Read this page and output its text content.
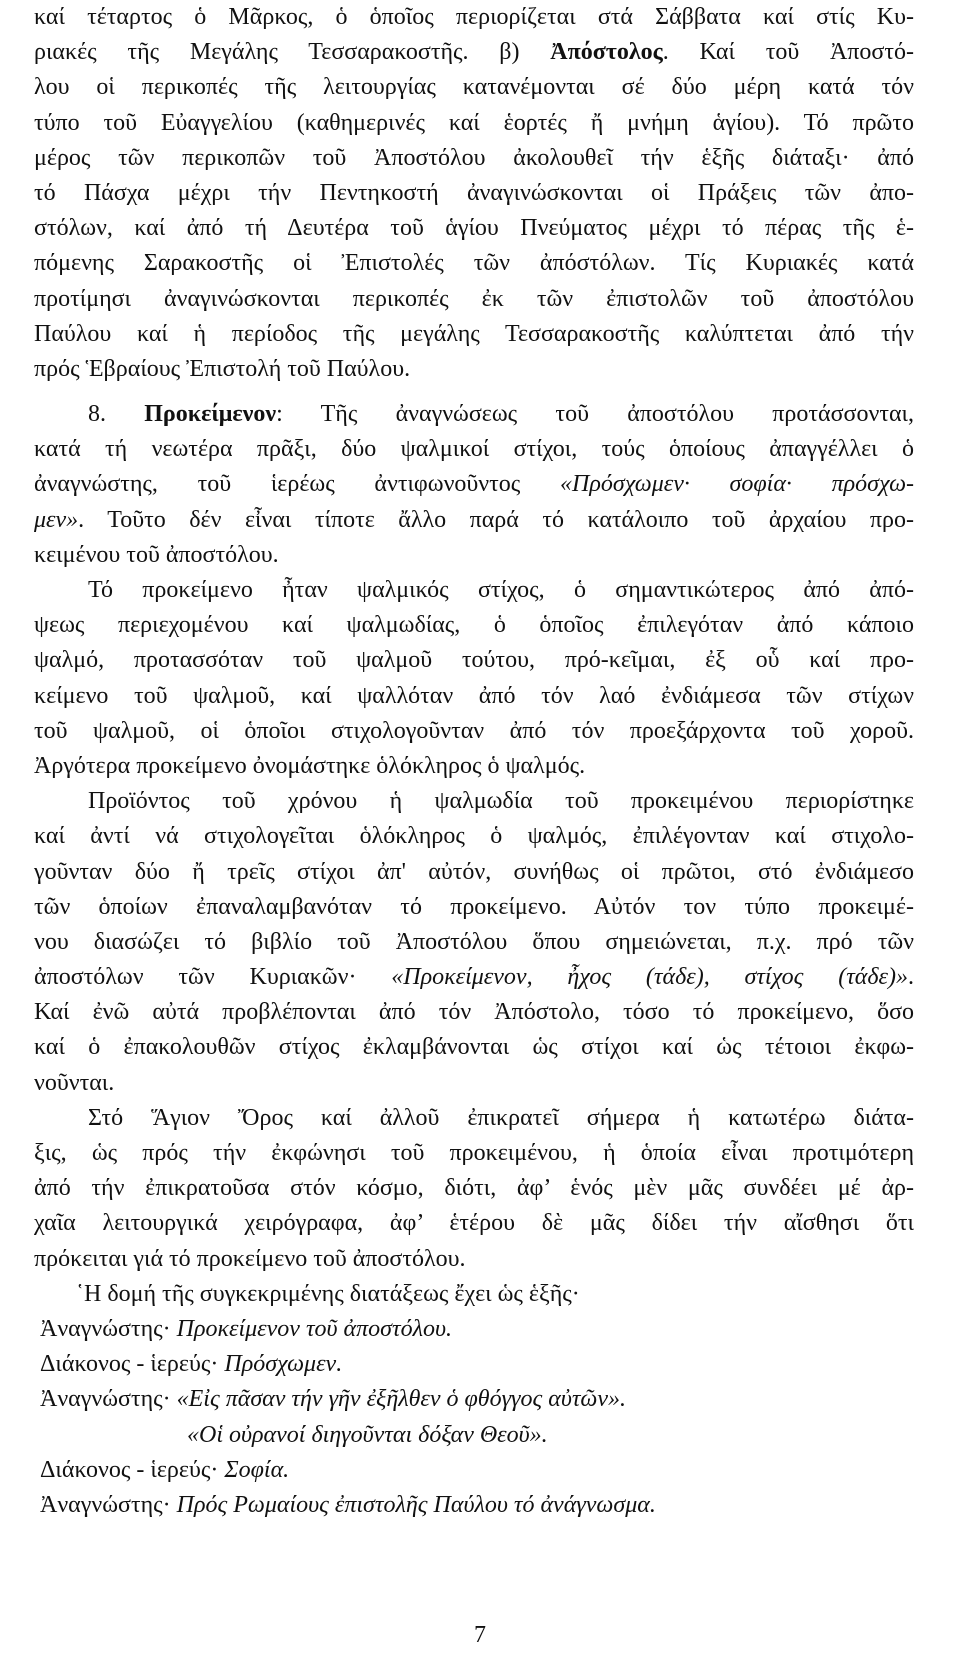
καί τέταρτος ὁ Μᾶρκος, ὁ ὁποῖος περιορίζεται στά Σάββατα καί στίς Κυ-
ριακές τῆς Μεγάλης Τεσσαρακοστῆς. β) Ἀπόστολος. Καί τοῦ Ἀποστό-
λου οἱ περικοπές τῆς λειτουργίας κατανέμονται σέ δύο μέρη κατά τόν
τύπο τοῦ Εὐαγγελίου (καθημερινές καί ἑορτές ἤ μνήμη ἁγίου). Τό πρῶτο
μέρος τῶν περικοπῶν τοῦ Ἀποστόλου ἀκολουθεῖ τήν ἑξῆς διάταξι· ἀπό
τό Πάσχα μέχρι τήν Πεντηκοστή ἀναγινώσκονται οἱ Πράξεις τῶν ἀπο-
στόλων, καί ἀπό τή Δευτέρα τοῦ ἁγίου Πνεύματος μέχρι τό πέρας τῆς ἑ-
πόμενης Σαρακοστῆς οἱ Ἐπιστολές τῶν ἀπόστόλων. Τίς Κυριακές κατά
προτίμησι ἀναγινώσκονται περικοπές ἐκ τῶν ἐπιστολῶν τοῦ ἀποστόλου
Παύλου καί ἡ περίοδος τῆς μεγάλης Τεσσαρακοστῆς καλύπτεται ἀπό τήν
πρός Ἑβραίους Ἐπιστολή τοῦ Παύλου.
8. Προκείμενον: Τῆς ἀναγνώσεως τοῦ ἀποστόλου προτάσσονται,
κατά τή νεωτέρα πρᾶξι, δύο ψαλμικοί στίχοι, τούς ὁποίους ἀπαγγέλλει ὁ
ἀναγνώστης, τοῦ ἱερέως ἀντιφωνοῦντος «Πρόσχωμεν· σοφία· πρόσχω-
μεν». Τοῦτο δέν εἶναι τίποτε ἄλλο παρά τό κατάλοιπο τοῦ ἀρχαίου προ-
κειμένου τοῦ ἀποστόλου.
Τό προκείμενο ἦταν ψαλμικός στίχος, ὁ σημαντικώτερος ἀπό ἀπό-
ψεως περιεχομένου καί ψαλμωδίας, ὁ ὁποῖος ἐπιλεγόταν ἀπό κάποιο
ψαλμό, προτασσόταν τοῦ ψαλμοῦ τούτου, πρό-κεῖμαι, ἐξ οὗ καί προ-
κείμενο τοῦ ψαλμοῦ, καί ψαλλόταν ἀπό τόν λαό ἐνδιάμεσα τῶν στίχων
τοῦ ψαλμοῦ, οἱ ὁποῖοι στιχολογοῦνταν ἀπό τόν προεξάρχοντα τοῦ χοροῦ.
Ἀργότερα προκείμενο ὀνομάστηκε ὁλόκληρος ὁ ψαλμός.
Προϊόντος τοῦ χρόνου ἡ ψαλμωδία τοῦ προκειμένου περιορίστηκε
καί ἀντί νά στιχολογεῖται ὁλόκληρος ὁ ψαλμός, ἐπιλέγονταν καί στιχολο-
γοῦνταν δύο ἤ τρεῖς στίχοι ἀπ' αὐτόν, συνήθως οἱ πρῶτοι, στό ἐνδιάμεσο
τῶν ὁποίων ἐπαναλαμβανόταν τό προκείμενο. Αὐτόν τον τύπο προκειμέ-
νου διασώζει τό βιβλίο τοῦ Ἀποστόλου ὅπου σημειώνεται, π.χ. πρό τῶν
ἀποστόλων τῶν Κυριακῶν· «Προκείμενον, ἦχος (τάδε), στίχος (τάδε)».
Καί ἐνῶ αὐτά προβλέπονται ἀπό τόν Ἀπόστολο, τόσο τό προκείμενο, ὅσο
καί ὁ ἐπακολουθῶν στίχος ἐκλαμβάνονται ὡς στίχοι καί ὡς τέτοιοι ἐκφω-
νοῦνται.
Στό Ἅγιον Ὄρος καί ἀλλοῦ ἐπικρατεῖ σήμερα ἡ κατωτέρω διάτα-
ξις, ὡς πρός τήν ἐκφώνησι τοῦ προκειμένου, ἡ ὁποία εἶναι προτιμότερη
ἀπό τήν ἐπικρατοῦσα στόν κόσμο, διότι, ἀφ’ ἑνός μὲν μᾶς συνδέει μέ ἀρ-
χαῖα λειτουργικά χειρόγραφα, ἀφ’ ἑτέρου δὲ μᾶς δίδει τήν αἴσθησι ὅτι
πρόκειται γιά τό προκείμενο τοῦ ἀποστόλου.
῾Η δομή τῆς συγκεκριμένης διατάξεως ἔχει ὡς ἑξῆς·
Ἀναγνώστης· Προκείμενον τοῦ ἀποστόλου.
Διάκονος - ἱερεύς· Πρόσχωμεν.
Ἀναγνώστης· «Εἰς πᾶσαν τήν γῆν ἐξῆλθεν ὁ φθόγγος αὐτῶν».
«Οἱ οὐρανοί διηγοῦνται δόξαν Θεοῦ».
Διάκονος - ἱερεύς· Σοφία.
Ἀναγνώστης· Πρός Ρωμαίους ἐπιστολῆς Παύλου τό ἀνάγνωσμα.
7
